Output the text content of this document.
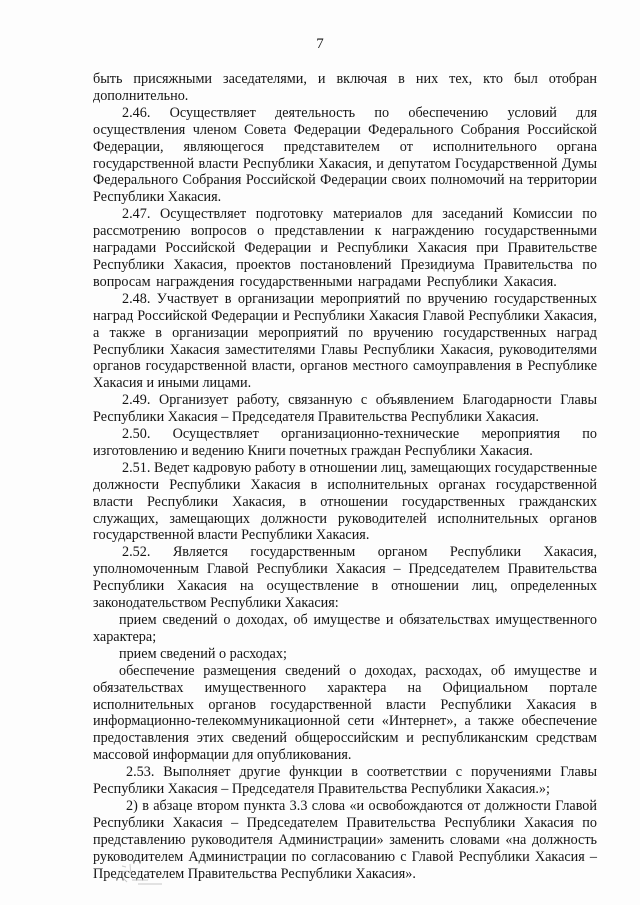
7

быть присяжными заседателями, и включая в них тех, кто был отобран дополнительно.

2.46. Осуществляет деятельность по обеспечению условий для осуществления членом Совета Федерации Федерального Собрания Российской Федерации, являющегося представителем от исполнительного органа государственной власти Республики Хакасия, и депутатом Государственной Думы Федерального Собрания Российской Федерации своих полномочий на территории Республики Хакасия.

2.47. Осуществляет подготовку материалов для заседаний Комиссии по рассмотрению вопросов о представлении к награждению государственными наградами Российской Федерации и Республики Хакасия при Правительстве Республики Хакасия, проектов постановлений Президиума Правительства по вопросам награждения государственными наградами Республики Хакасия.

2.48. Участвует в организации мероприятий по вручению государственных наград Российской Федерации и Республики Хакасия Главой Республики Хакасия, а также в организации мероприятий по вручению государственных наград Республики Хакасия заместителями Главы Республики Хакасия, руководителями органов государственной власти, органов местного самоуправления в Республике Хакасия и иными лицами.

2.49. Организует работу, связанную с объявлением Благодарности Главы Республики Хакасия – Председателя Правительства Республики Хакасия.

2.50. Осуществляет организационно-технические мероприятия по изготовлению и ведению Книги почетных граждан Республики Хакасия.

2.51. Ведет кадровую работу в отношении лиц, замещающих государственные должности Республики Хакасия в исполнительных органах государственной власти Республики Хакасия, в отношении государственных гражданских служащих, замещающих должности руководителей исполнительных органов государственной власти Республики Хакасия.

2.52. Является государственным органом Республики Хакасия, уполномоченным Главой Республики Хакасия – Председателем Правительства Республики Хакасия на осуществление в отношении лиц, определенных законодательством Республики Хакасия:

прием сведений о доходах, об имуществе и обязательствах имущественного характера;

прием сведений о расходах;

обеспечение размещения сведений о доходах, расходах, об имуществе и обязательствах имущественного характера на Официальном портале исполнительных органов государственной власти Республики Хакасия в информационно-телекоммуникационной сети «Интернет», а также обеспечение предоставления этих сведений общероссийским и республиканским средствам массовой информации для опубликования.

2.53. Выполняет другие функции в соответствии с поручениями Главы Республики Хакасия – Председателя Правительства Республики Хакасия.»;

2) в абзаце втором пункта 3.3 слова «и освобождаются от должности Главой Республики Хакасия – Председателем Правительства Республики Хакасия по представлению руководителя Администрации» заменить словами «на должность руководителем Администрации по согласованию с Главой Республики Хакасия – Председателем Правительства Республики Хакасия».
